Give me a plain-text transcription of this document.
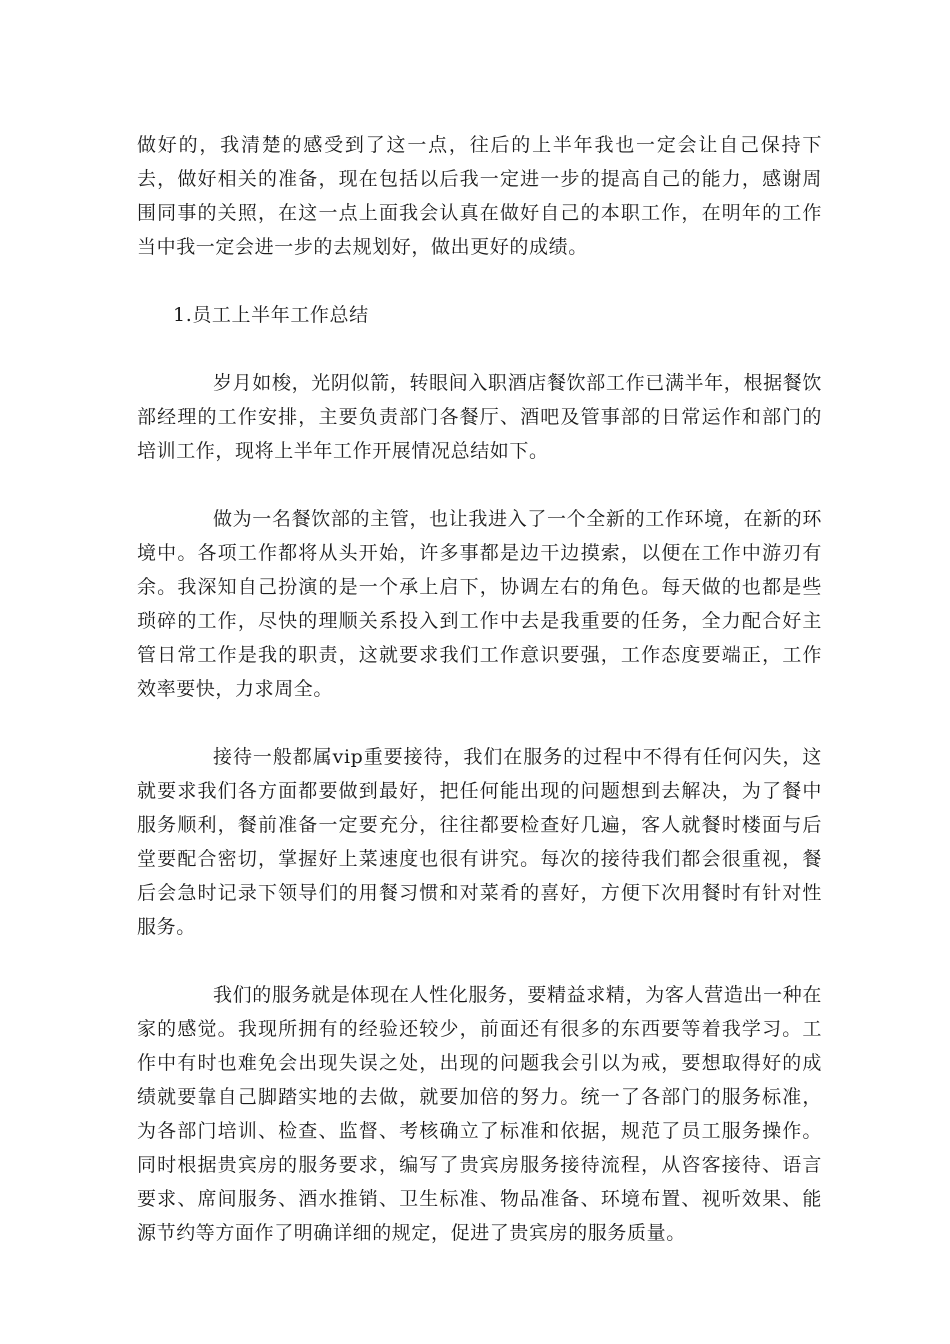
做好的，我清楚的感受到了这一点，往后的上半年我也一定会让自己保持下去，做好相关的准备，现在包括以后我一定进一步的提高自己的能力，感谢周围同事的关照，在这一点上面我会认真在做好自己的本职工作，在明年的工作当中我一定会进一步的去规划好，做出更好的成绩。

1.员工上半年工作总结

岁月如梭，光阴似箭，转眼间入职酒店餐饮部工作已满半年，根据餐饮部经理的工作安排，主要负责部门各餐厅、酒吧及管事部的日常运作和部门的培训工作，现将上半年工作开展情况总结如下。

做为一名餐饮部的主管，也让我进入了一个全新的工作环境，在新的环境中。各项工作都将从头开始，许多事都是边干边摸索，以便在工作中游刃有余。我深知自己扮演的是一个承上启下，协调左右的角色。每天做的也都是些琐碎的工作，尽快的理顺关系投入到工作中去是我重要的任务，全力配合好主管日常工作是我的职责，这就要求我们工作意识要强，工作态度要端正，工作效率要快，力求周全。

接待一般都属vip重要接待，我们在服务的过程中不得有任何闪失，这就要求我们各方面都要做到最好，把任何能出现的问题想到去解决，为了餐中服务顺利，餐前准备一定要充分，往往都要检查好几遍，客人就餐时楼面与后堂要配合密切，掌握好上菜速度也很有讲究。每次的接待我们都会很重视，餐后会急时记录下领导们的用餐习惯和对菜肴的喜好，方便下次用餐时有针对性服务。

我们的服务就是体现在人性化服务，要精益求精，为客人营造出一种在家的感觉。我现所拥有的经验还较少，前面还有很多的东西要等着我学习。工作中有时也难免会出现失误之处，出现的问题我会引以为戒，要想取得好的成绩就要靠自己脚踏实地的去做，就要加倍的努力。统一了各部门的服务标准，为各部门培训、检查、监督、考核确立了标准和依据，规范了员工服务操作。同时根据贵宾房的服务要求，编写了贵宾房服务接待流程，从咨客接待、语言要求、席间服务、酒水推销、卫生标准、物品准备、环境布置、视听效果、能源节约等方面作了明确详细的规定，促进了贵宾房的服务质量。
